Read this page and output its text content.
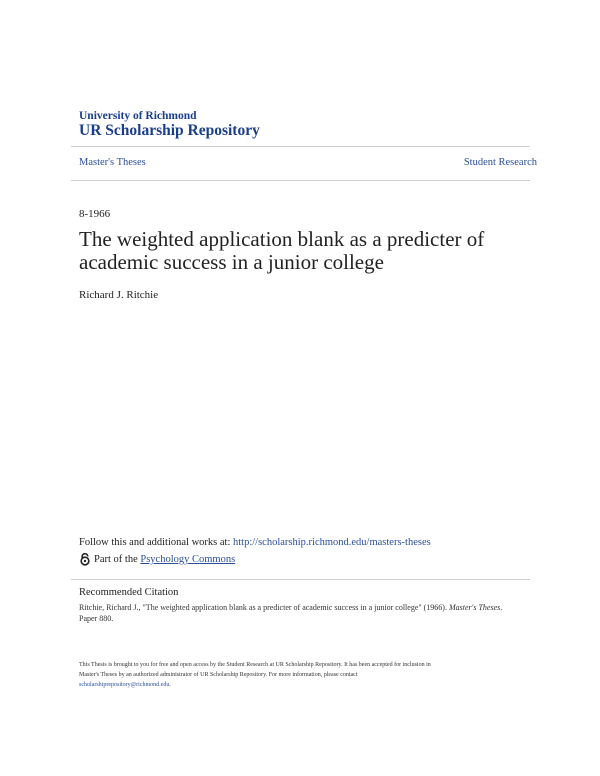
University of Richmond
UR Scholarship Repository
Master's Theses	Student Research
8-1966
The weighted application blank as a predicter of
academic success in a junior college
Richard J. Ritchie
Follow this and additional works at: http://scholarship.richmond.edu/masters-theses
Part of the
Psychology Commons
Recommended Citation
Ritchie, Richard J., "The weighted application blank as a predicter of academic success in a junior college" (1966). Master's Theses. Paper 880.
This Thesis is brought to you for free and open access by the Student Research at UR Scholarship Repository. It has been accepted for inclusion in
Master's Theses by an authorized administrator of UR Scholarship Repository. For more information, please contact
scholarshiprepository@richmond.edu.
